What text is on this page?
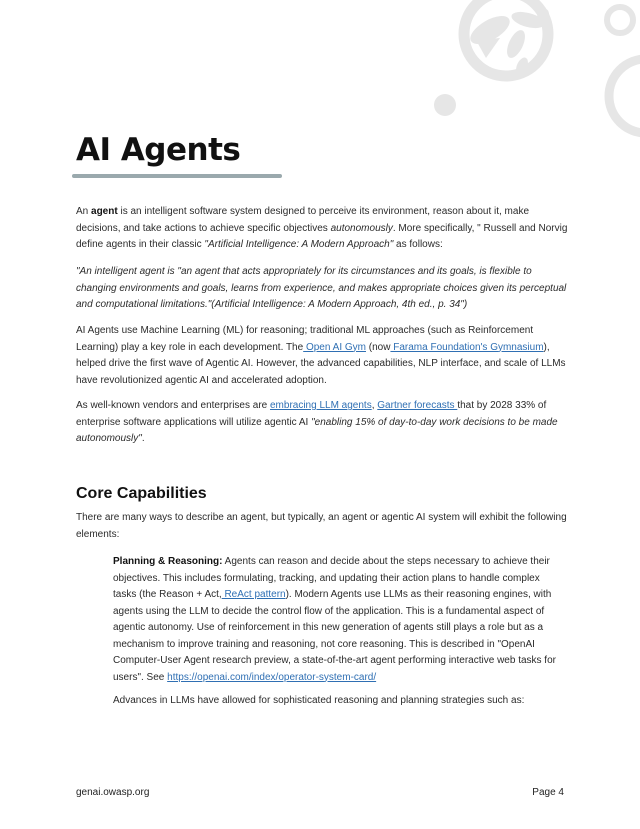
AI Agents

An agent is an intelligent software system designed to perceive its environment, reason about it, make decisions, and take actions to achieve specific objectives autonomously. More specifically, " Russell and Norvig define agents in their classic "Artificial Intelligence: A Modern Approach" as follows:

"An intelligent agent is "an agent that acts appropriately for its circumstances and its goals, is flexible to changing environments and goals, learns from experience, and makes appropriate choices given its perceptual and computational limitations."(Artificial Intelligence: A Modern Approach, 4th ed., p. 34")

AI Agents use Machine Learning (ML) for reasoning; traditional ML approaches (such as Reinforcement Learning) play a key role in each development. The Open AI Gym (now Farama Foundation's Gymnasium), helped drive the first wave of Agentic AI. However, the advanced capabilities, NLP interface, and scale of LLMs have revolutionized agentic AI and accelerated adoption.

As well-known vendors and enterprises are embracing LLM agents, Gartner forecasts that by 2028 33% of enterprise software applications will utilize agentic AI "enabling 15% of day-to-day work decisions to be made autonomously".

Core Capabilities

There are many ways to describe an agent, but typically, an agent or agentic AI system will exhibit the following elements:

Planning & Reasoning: Agents can reason and decide about the steps necessary to achieve their objectives. This includes formulating, tracking, and updating their action plans to handle complex tasks (the Reason + Act, ReAct pattern). Modern Agents use LLMs as their reasoning engines, with agents using the LLM to decide the control flow of the application. This is a fundamental aspect of agentic autonomy. Use of reinforcement in this new generation of agents still plays a role but as a mechanism to improve training and reasoning, not core reasoning. This is described in "OpenAI Computer-User Agent research preview, a state-of-the-art agent performing interactive web tasks for users". See https://openai.com/index/operator-system-card/

Advances in LLMs have allowed for sophisticated reasoning and planning strategies such as:

genai.owasp.org	Page 4
